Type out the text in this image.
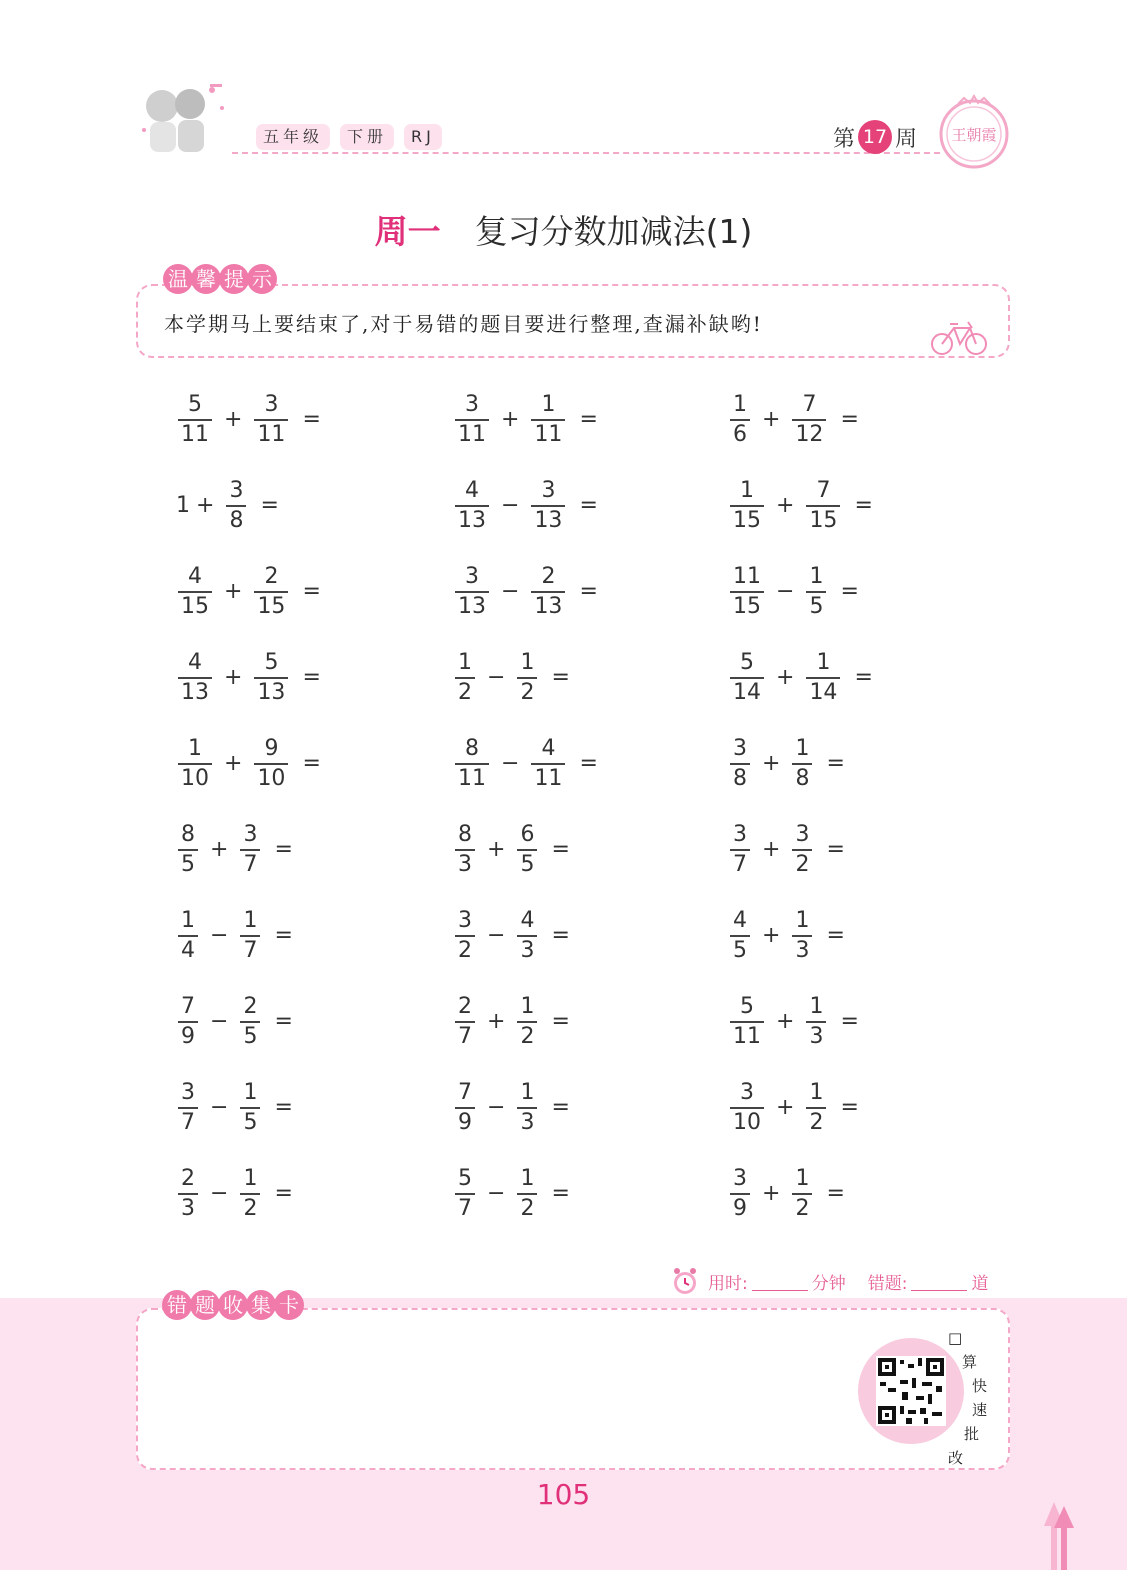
五年级	下册	RJ	第 17 周 王朝霞
周一 复习分数加减法(1)
温 馨 提 示
本学期马上要结束了,对于易错的题目要进行整理,查漏补缺哟!
$\frac{5}{11} + \frac{3}{11}$ =	$\frac{3}{11} + \frac{1}{11}$ =	$\frac{1}{6} + \frac{7}{12}$ =
$1 + \frac{3}{8}$ =	$\frac{4}{13} - \frac{3}{13}$ =	$\frac{1}{15} + \frac{7}{15}$ =
$\frac{4}{15} + \frac{2}{15}$ =	$\frac{3}{13} - \frac{2}{13}$ =	$\frac{11}{15} - \frac{1}{5}$ =
$\frac{4}{13} + \frac{5}{13}$ =	$\frac{1}{2} - \frac{1}{2}$ =	$\frac{5}{14} + \frac{1}{14}$ =
$\frac{1}{10} + \frac{9}{10}$ =	$\frac{8}{11} - \frac{4}{11}$ =	$\frac{3}{8} + \frac{1}{8}$ =
$\frac{8}{5} + \frac{3}{7}$ =	$\frac{8}{3} + \frac{6}{5}$ =	$\frac{3}{7} + \frac{3}{2}$ =
$\frac{1}{4} - \frac{1}{7}$ =	$\frac{3}{2} - \frac{4}{3}$ =	$\frac{4}{5} + \frac{1}{3}$ =
$\frac{7}{9} - \frac{2}{5}$ =	$\frac{2}{7} + \frac{1}{2}$ =	$\frac{5}{11} + \frac{1}{3}$ =
$\frac{3}{7} - \frac{1}{5}$ =	$\frac{7}{9} - \frac{1}{3}$ =	$\frac{3}{10} + \frac{1}{2}$ =
$\frac{2}{3} - \frac{1}{2}$ =	$\frac{5}{7} - \frac{1}{2}$ =	$\frac{3}{9} + \frac{1}{2}$ =
用时:	分钟 错题:	道
错 题 收 集 卡
□
算
快
速
批
改
105
